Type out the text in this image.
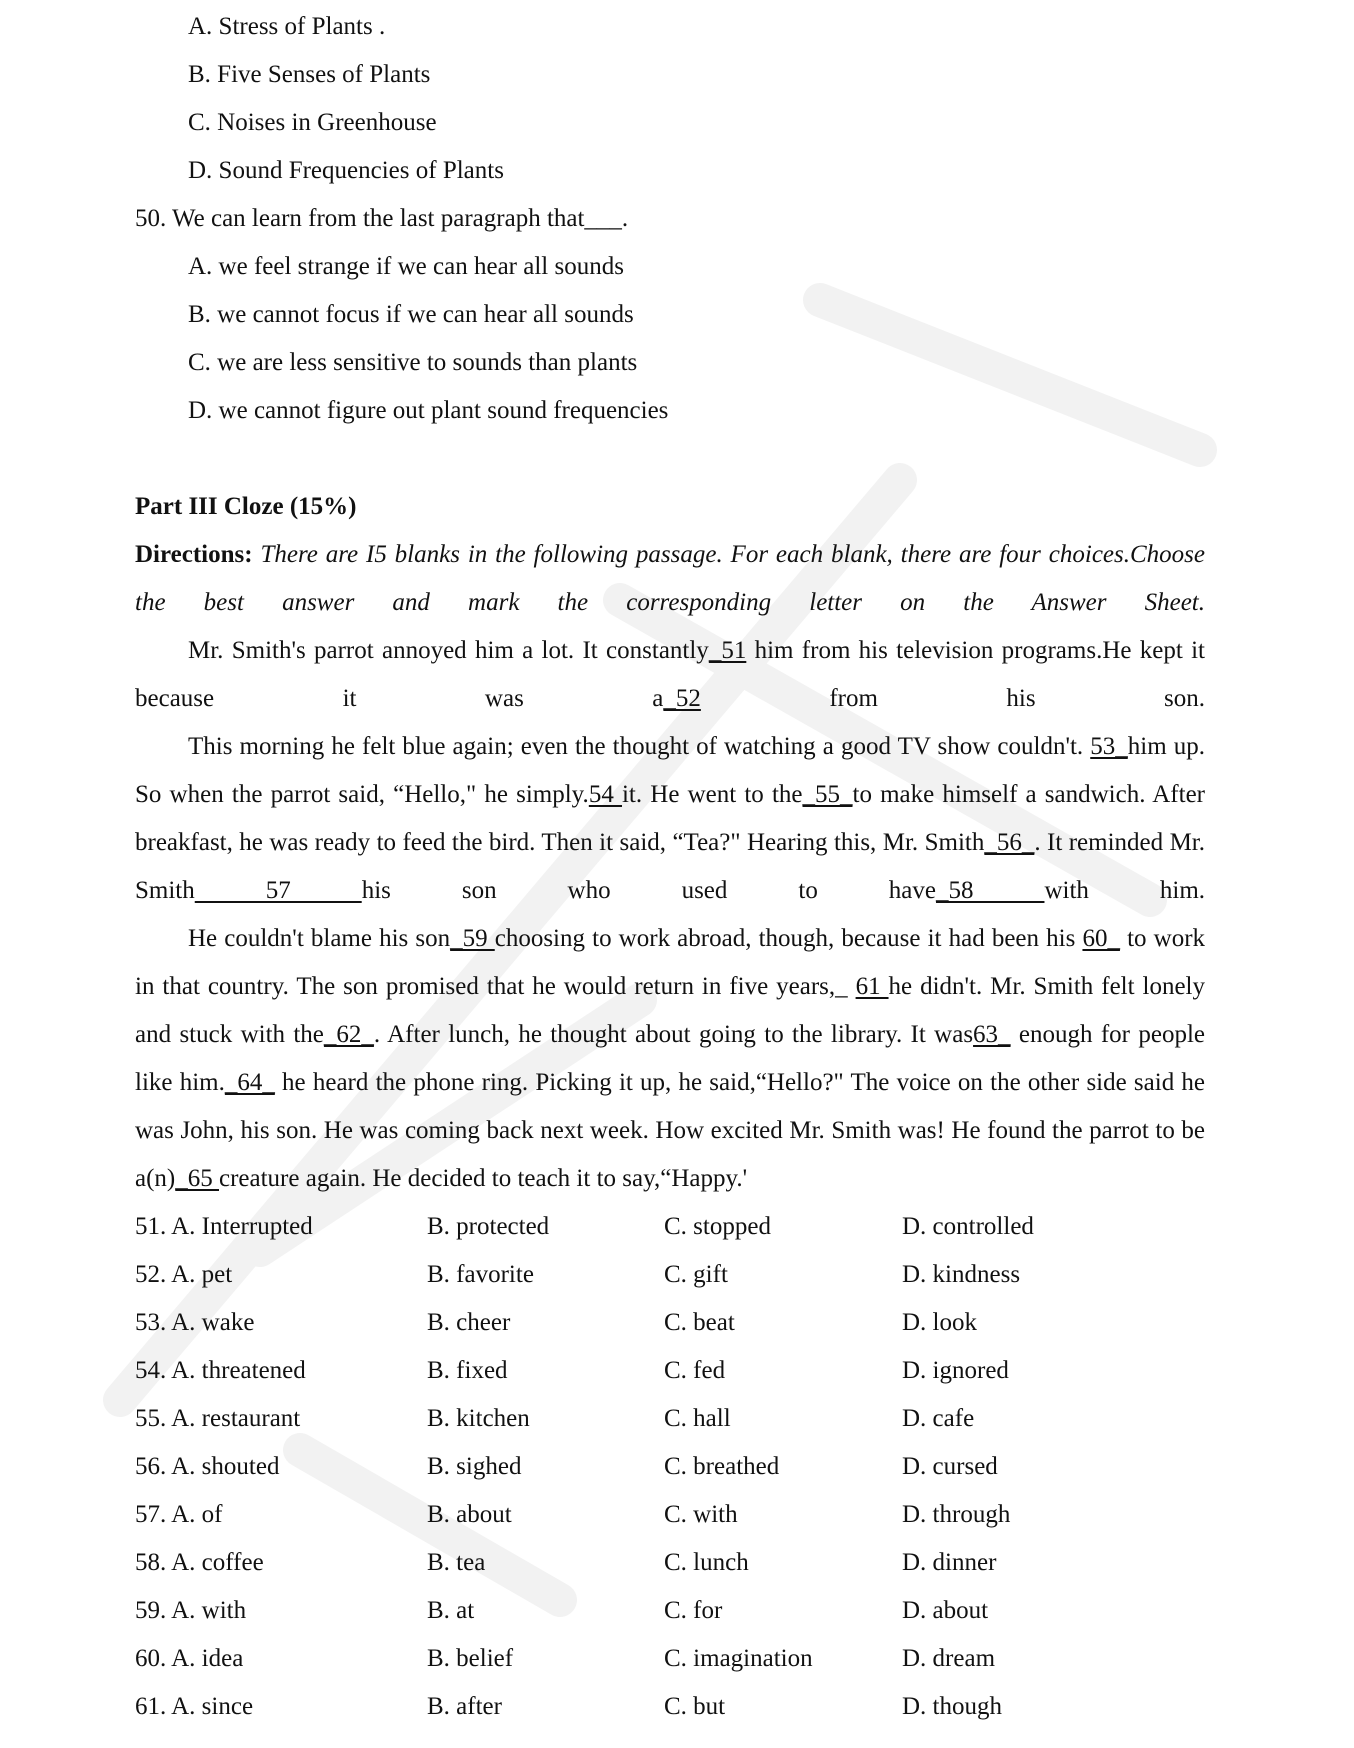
A. Stress of Plants .
B. Five Senses of Plants
C. Noises in Greenhouse
D. Sound Frequencies of Plants
50. We can learn from the last paragraph that___.
A. we feel strange if we can hear all sounds
B. we cannot focus if we can hear all sounds
C. we are less sensitive to sounds than plants
D. we cannot figure out plant sound frequencies
Part III Cloze (15%)
Directions: There are I5 blanks in the following passage. For each blank, there are four choices.Choose the best answer and mark the corresponding letter on the Answer Sheet.
Mr. Smith's parrot annoyed him a lot. It constantly_51 him from his television programs.He kept it because it was a_52 from his son.
This morning he felt blue again; even the thought of watching a good TV show couldn't. 53_him up. So when the parrot said, “Hello," he simply.54 it. He went to the_55_to make himself a sandwich. After breakfast, he was ready to feed the bird. Then it said, “Tea?" Hearing this, Mr. Smith_56_. It reminded Mr. Smith 57 his son who used to have_58 with him.
He couldn't blame his son_59 choosing to work abroad, though, because it had been his 60_ to work in that country. The son promised that he would return in five years,_ 61 he didn't. Mr. Smith felt lonely and stuck with the_62_. After lunch, he thought about going to the library. It was63_ enough for people like him._64_ he heard the phone ring. Picking it up, he said,“Hello?" The voice on the other side said he was John, his son. He was coming back next week. How excited Mr. Smith was! He found the parrot to be a(n)_65 creature again. He decided to teach it to say,“Happy.'
51. A. Interrupted	B. protected	C. stopped	D. controlled
52. A. pet	B. favorite	C. gift	D. kindness
53. A. wake	B. cheer	C. beat	D. look
54. A. threatened	B. fixed	C. fed	D. ignored
55. A. restaurant	B. kitchen	C. hall	D. cafe
56. A. shouted	B. sighed	C. breathed	D. cursed
57. A. of	B. about	C. with	D. through
58. A. coffee	B. tea	C. lunch	D. dinner
59. A. with	B. at	C. for	D. about
60. A. idea	B. belief	C. imagination	D. dream
61. A. since	B. after	C. but	D. though
